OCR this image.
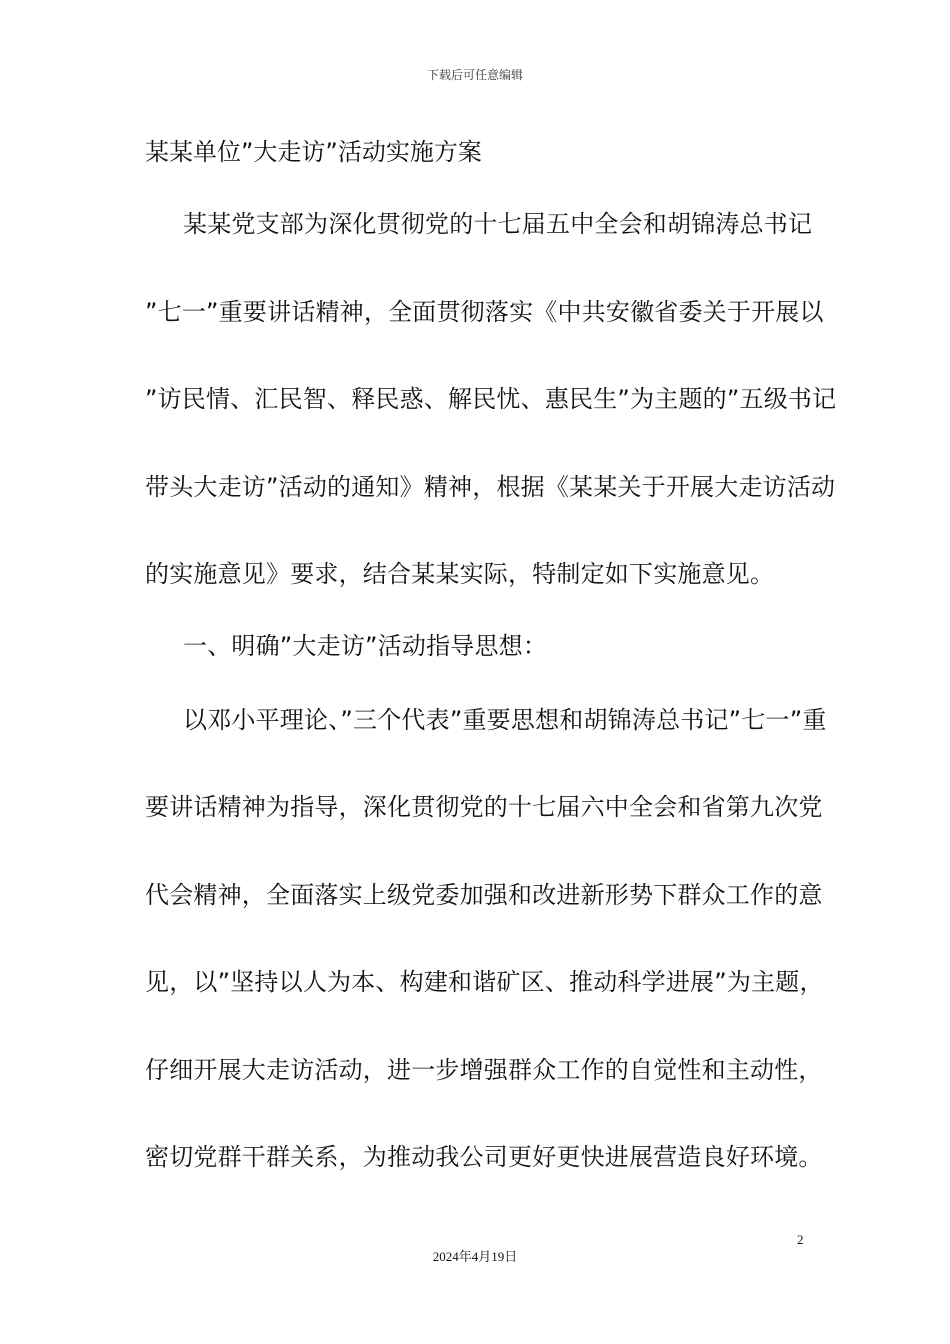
下载后可任意编辑
某某单位”大走访”活动实施方案
某某党支部为深化贯彻党的十七届五中全会和胡锦涛总书记
”七一”重要讲话精神，全面贯彻落实《中共安徽省委关于开展以
”访民情、汇民智、释民惑、解民忧、惠民生”为主题的”五级书记
带头大走访”活动的通知》精神，根据《某某关于开展大走访活动
的实施意见》要求，结合某某实际，特制定如下实施意见。
一、明确”大走访”活动指导思想：
以邓小平理论、”三个代表”重要思想和胡锦涛总书记”七一”重
要讲话精神为指导，深化贯彻党的十七届六中全会和省第九次党
代会精神，全面落实上级党委加强和改进新形势下群众工作的意
见，以”坚持以人为本、构建和谐矿区、推动科学进展”为主题，
仔细开展大走访活动，进一步增强群众工作的自觉性和主动性，
密切党群干群关系，为推动我公司更好更快进展营造良好环境。
2
2024年4月19日
